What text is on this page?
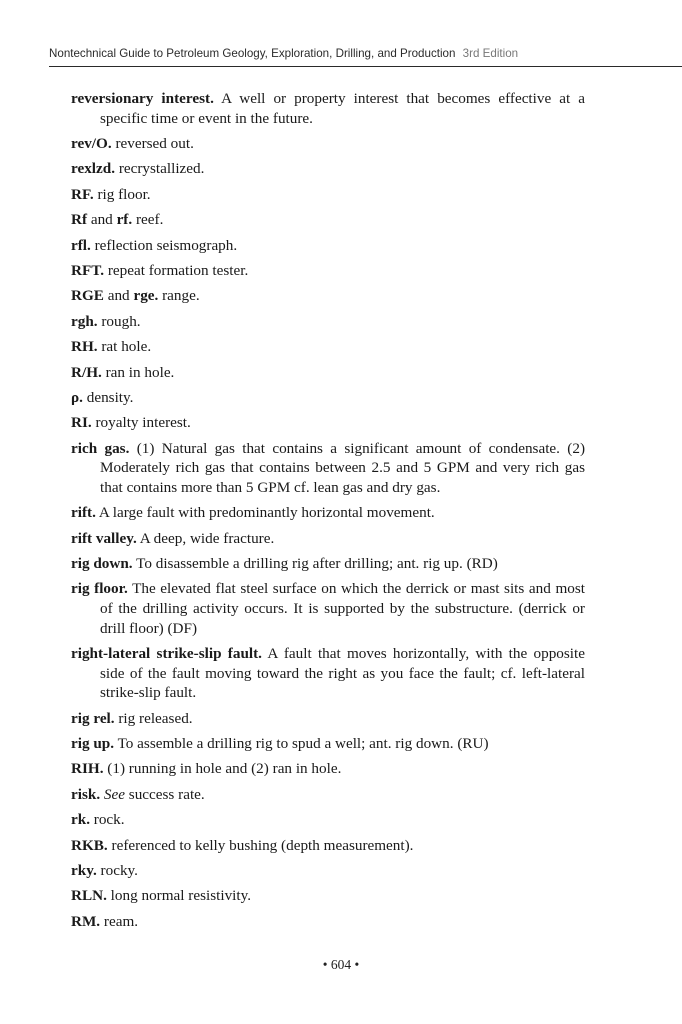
Nontechnical Guide to Petroleum Geology, Exploration, Drilling, and Production 3rd Edition
reversionary interest. A well or property interest that becomes effective at a specific time or event in the future.
rev/O. reversed out.
rexlzd. recrystallized.
RF. rig floor.
Rf and rf. reef.
rfl. reflection seismograph.
RFT. repeat formation tester.
RGE and rge. range.
rgh. rough.
RH. rat hole.
R/H. ran in hole.
ρ. density.
RI. royalty interest.
rich gas. (1) Natural gas that contains a significant amount of condensate. (2) Moderately rich gas that contains between 2.5 and 5 GPM and very rich gas that contains more than 5 GPM cf. lean gas and dry gas.
rift. A large fault with predominantly horizontal movement.
rift valley. A deep, wide fracture.
rig down. To disassemble a drilling rig after drilling; ant. rig up. (RD)
rig floor. The elevated flat steel surface on which the derrick or mast sits and most of the drilling activity occurs. It is supported by the substructure. (derrick or drill floor) (DF)
right-lateral strike-slip fault. A fault that moves horizontally, with the opposite side of the fault moving toward the right as you face the fault; cf. left-lateral strike-slip fault.
rig rel. rig released.
rig up. To assemble a drilling rig to spud a well; ant. rig down. (RU)
RIH. (1) running in hole and (2) ran in hole.
risk. See success rate.
rk. rock.
RKB. referenced to kelly bushing (depth measurement).
rky. rocky.
RLN. long normal resistivity.
RM. ream.
• 604 •
